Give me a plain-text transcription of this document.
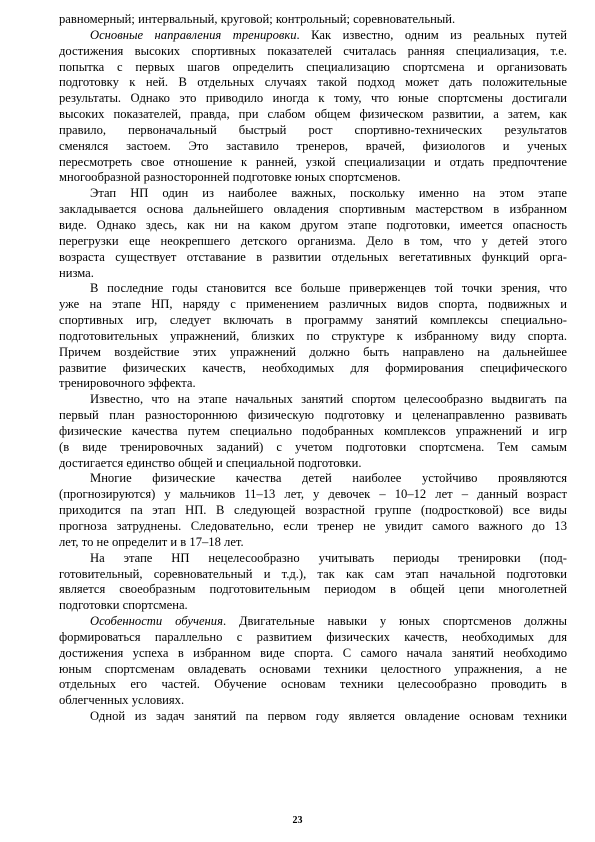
равномерный; интервальный, круговой; контрольный; соревновательный.
Основные направления тренировки. Как известно, одним из реальных путей
достижения высоких спортивных показателей считалась ранняя специализация, т.е.
попытка с первых шагов определить специализацию спортсмена и организовать
подготовку к ней. В отдельных случаях такой подход может дать положительные
результаты. Однако это приводило иногда к тому, что юные спортсмены достигали
высоких показателей, правда, при слабом общем физическом развитии, а затем, как
правило, первоначальный быстрый рост спортивно-технических результатов
сменялся застоем. Это заставило тренеров, врачей, физиологов и ученых
пересмотреть свое отношение к ранней, узкой специализации и отдать предпочтение
многообразной разносторонней подготовке юных спортсменов.
Этап НП один из наиболее важных, поскольку именно на этом этапе
закладывается основа дальнейшего овладения спортивным мастерством в избранном
виде. Однако здесь, как ни на каком другом этапе подготовки, имеется опасность
перегрузки еще неокрепшего детского организма. Дело в том, что у детей этого
возраста существует отставание в развитии отдельных вегетативных функций орга-
низма.
В последние годы становится все больше приверженцев той точки зрения, что
уже на этапе НП, наряду с применением различных видов спорта, подвижных и
спортивных игр, следует включать в программу занятий комплексы специально-
подготовительных упражнений, близких по структуре к избранному виду спорта.
Причем воздействие этих упражнений должно быть направлено на дальнейшее
развитие физических качеств, необходимых для формирования специфического
тренировочного эффекта.
Известно, что на этапе начальных занятий спортом целесообразно выдвигать па
первый план разностороннюю физическую подготовку и целенаправленно развивать
физические качества путем специально подобранных комплексов упражнений и игр
(в виде тренировочных заданий) с учетом подготовки спортсмена. Тем самым
достигается единство общей и специальной подготовки.
Многие физические качества детей наиболее устойчиво проявляются
(прогнозируются) у мальчиков 11–13 лет, у девочек – 10–12 лет – данный возраст
приходится па этап НП. В следующей возрастной группе (подростковой) все виды
прогноза затруднены. Следовательно, если тренер не увидит самого важного до 13
лет, то не определит и в 17–18 лет.
На этапе НП нецелесообразно учитывать периоды тренировки (под-
готовительный, соревновательный и т.д.), так как сам этап начальной подготовки
является своеобразным подготовительным периодом в общей цепи многолетней
подготовки спортсмена.
Особенности обучения. Двигательные навыки у юных спортсменов должны
формироваться параллельно с развитием физических качеств, необходимых для
достижения успеха в избранном виде спорта. С самого начала занятий необходимо
юным спортсменам овладевать основами техники целостного упражнения, а не
отдельных его частей. Обучение основам техники целесообразно проводить в
облегченных условиях.
Одной из задач занятий па первом году является овладение основам техники
23
